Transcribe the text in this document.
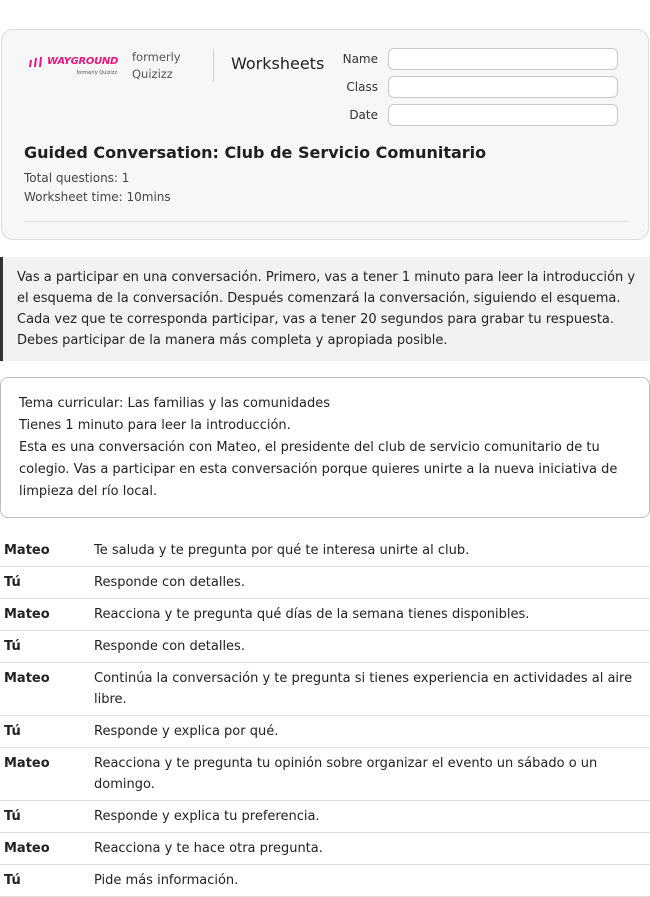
WAYGROUND
formerly Quizizz
formerly Quizizz
Worksheets	Name
Class
Date
Guided Conversation: Club de Servicio Comunitario
Total questions: 1
Worksheet time: 10mins
Vas a participar en una conversación. Primero, vas a tener 1 minuto para leer la introducción y el esquema de la conversación. Después comenzará la conversación, siguiendo el esquema. Cada vez que te corresponda participar, vas a tener 20 segundos para grabar tu respuesta. Debes participar de la manera más completa y apropiada posible.
Tema curricular: Las familias y las comunidades
Tienes 1 minuto para leer la introducción.
Esta es una conversación con Mateo, el presidente del club de servicio comunitario de tu colegio. Vas a participar en esta conversación porque quieres unirte a la nueva iniciativa de limpieza del río local.
Mateo	Te saluda y te pregunta por qué te interesa unirte al club.
Tú	Responde con detalles.
Mateo	Reacciona y te pregunta qué días de la semana tienes disponibles.
Tú	Responde con detalles.
Mateo	Continúa la conversación y te pregunta si tienes experiencia en actividades al aire libre.
Tú	Responde y explica por qué.
Mateo	Reacciona y te pregunta tu opinión sobre organizar el evento un sábado o un domingo.
Tú	Responde y explica tu preferencia.
Mateo	Reacciona y te hace otra pregunta.
Tú	Pide más información.
